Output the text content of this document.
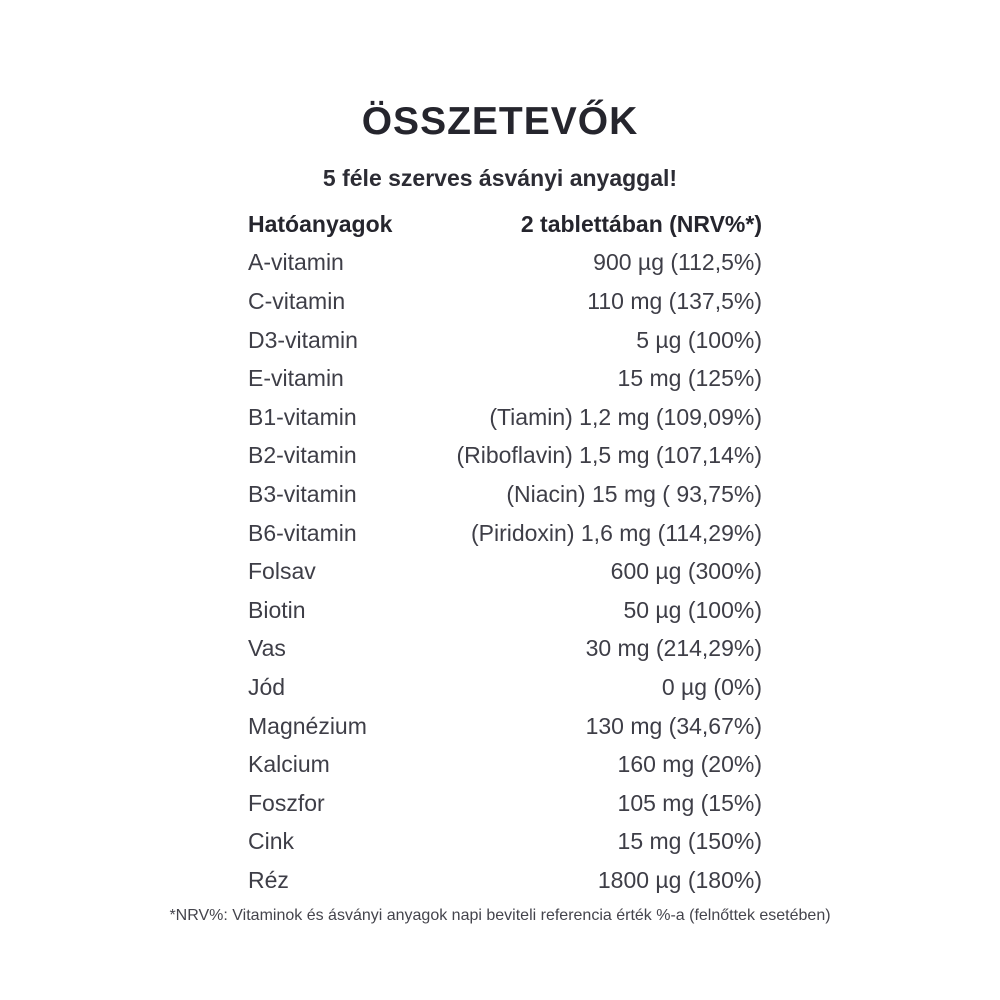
ÖSSZETEVŐK
5 féle szerves ásványi anyaggal!
Hatóanyagok	2 tablettában (NRV%*)
A-vitamin	900 µg (112,5%)
C-vitamin	110 mg (137,5%)
D3-vitamin	5 µg (100%)
E-vitamin	15 mg (125%)
B1-vitamin	(Tiamin) 1,2 mg (109,09%)
B2-vitamin	(Riboflavin) 1,5 mg (107,14%)
B3-vitamin	(Niacin) 15 mg ( 93,75%)
B6-vitamin	(Piridoxin) 1,6 mg (114,29%)
Folsav	600 µg (300%)
Biotin	50 µg (100%)
Vas	30 mg (214,29%)
Jód	0 µg (0%)
Magnézium	130 mg (34,67%)
Kalcium	160 mg (20%)
Foszfor	105 mg (15%)
Cink	15 mg (150%)
Réz	1800 µg (180%)
*NRV%: Vitaminok és ásványi anyagok napi beviteli referencia érték %-a (felnőttek esetében)
